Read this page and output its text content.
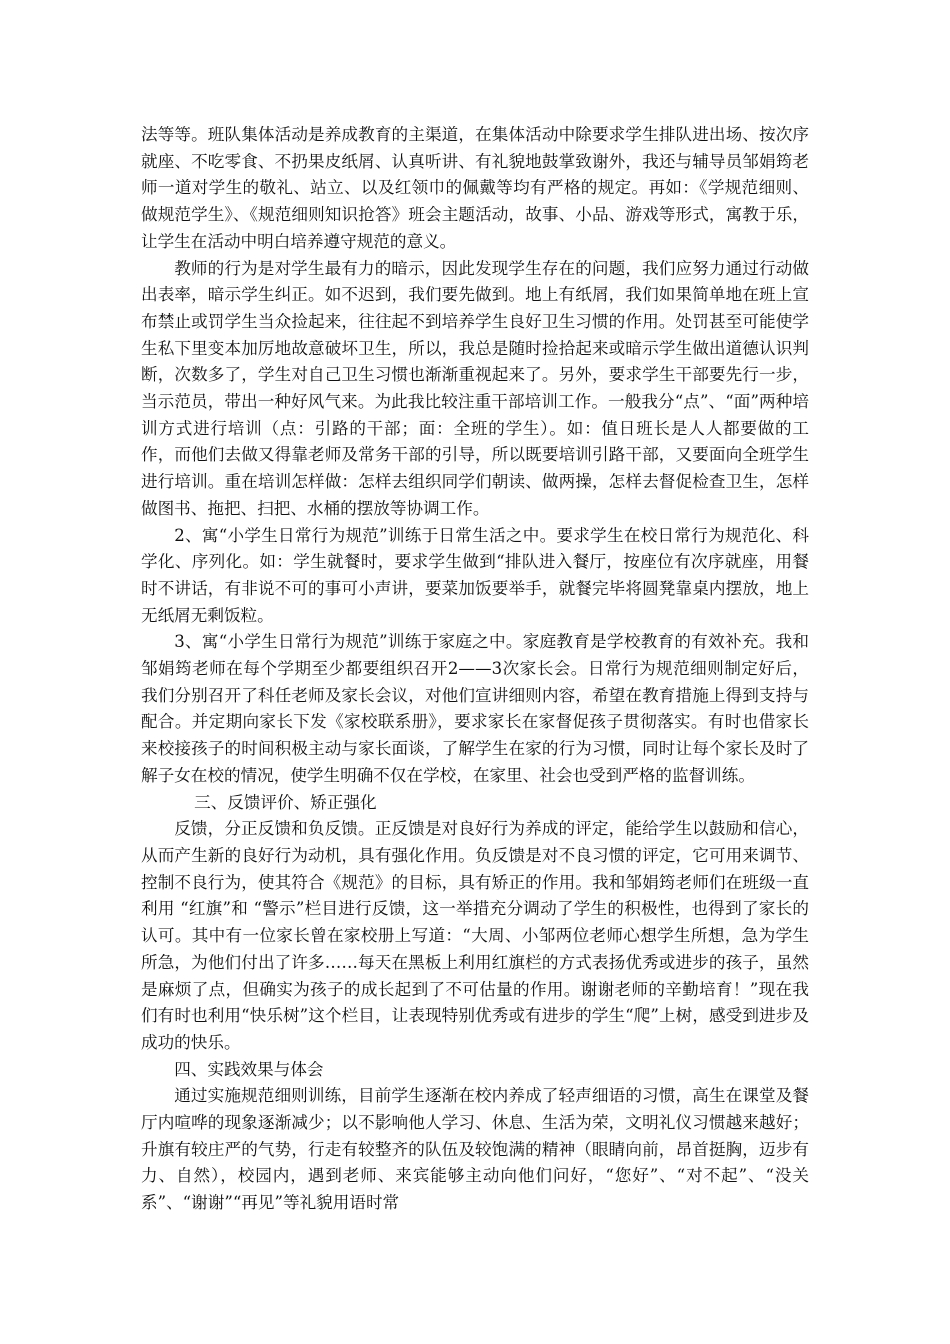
法等等。班队集体活动是养成教育的主渠道，在集体活动中除要求学生排队进出场、按次序就座、不吃零食、不扔果皮纸屑、认真听讲、有礼貌地鼓掌致谢外，我还与辅导员邹娟筠老师一道对学生的敬礼、站立、以及红领巾的佩戴等均有严格的规定。再如：《学规范细则、做规范学生》、《规范细则知识抢答》班会主题活动，故事、小品、游戏等形式，寓教于乐，让学生在活动中明白培养遵守规范的意义。

教师的行为是对学生最有力的暗示，因此发现学生存在的问题，我们应努力通过行动做出表率，暗示学生纠正。如不迟到，我们要先做到。地上有纸屑，我们如果简单地在班上宣布禁止或罚学生当众捡起来，往往起不到培养学生良好卫生习惯的作用。处罚甚至可能使学生私下里变本加厉地故意破坏卫生，所以，我总是随时捡拾起来或暗示学生做出道德认识判断，次数多了，学生对自己卫生习惯也渐渐重视起来了。另外，要求学生干部要先行一步，当示范员，带出一种好风气来。为此我比较注重干部培训工作。一般我分“点”、“面”两种培训方式进行培训（点：引路的干部；面：全班的学生）。如：值日班长是人人都要做的工作，而他们去做又得靠老师及常务干部的引导，所以既要培训引路干部，又要面向全班学生进行培训。重在培训怎样做：怎样去组织同学们朝读、做两操，怎样去督促检查卫生，怎样做图书、拖把、扫把、水桶的摆放等协调工作。

2、寓“小学生日常行为规范”训练于日常生活之中。要求学生在校日常行为规范化、科学化、序列化。如：学生就餐时，要求学生做到“排队进入餐厅，按座位有次序就座，用餐时不讲话，有非说不可的事可小声讲，要菜加饭要举手，就餐完毕将圆凳靠桌内摆放，地上无纸屑无剩饭粒。

3、寓“小学生日常行为规范”训练于家庭之中。家庭教育是学校教育的有效补充。我和邹娟筠老师在每个学期至少都要组织召开2——3次家长会。日常行为规范细则制定好后，我们分别召开了科任老师及家长会议，对他们宣讲细则内容，希望在教育措施上得到支持与配合。并定期向家长下发《家校联系册》，要求家长在家督促孩子贯彻落实。有时也借家长来校接孩子的时间积极主动与家长面谈，了解学生在家的行为习惯，同时让每个家长及时了解子女在校的情况，使学生明确不仅在学校，在家里、社会也受到严格的监督训练。

三、反馈评价、矫正强化

反馈，分正反馈和负反馈。正反馈是对良好行为养成的评定，能给学生以鼓励和信心，从而产生新的良好行为动机，具有强化作用。负反馈是对不良习惯的评定，它可用来调节、控制不良行为，使其符合《规范》的目标，具有矫正的作用。我和邹娟筠老师们在班级一直利用 “红旗”和 “警示”栏目进行反馈，这一举措充分调动了学生的积极性，也得到了家长的认可。其中有一位家长曾在家校册上写道：“大周、小邹两位老师心想学生所想，急为学生所急，为他们付出了许多……每天在黑板上利用红旗栏的方式表扬优秀或进步的孩子，虽然是麻烦了点，但确实为孩子的成长起到了不可估量的作用。谢谢老师的辛勤培育！”现在我们有时也利用“快乐树”这个栏目，让表现特别优秀或有进步的学生“爬”上树，感受到进步及成功的快乐。

四、实践效果与体会

通过实施规范细则训练，目前学生逐渐在校内养成了轻声细语的习惯，高生在课堂及餐厅内喧哗的现象逐渐减少；以不影响他人学习、休息、生活为荣，文明礼仪习惯越来越好；升旗有较庄严的气势，行走有较整齐的队伍及较饱满的精神（眼睛向前，昂首挺胸，迈步有力、自然），校园内，遇到老师、来宾能够主动向他们问好，“您好”、“对不起”、“没关系”、“谢谢”“再见”等礼貌用语时常
